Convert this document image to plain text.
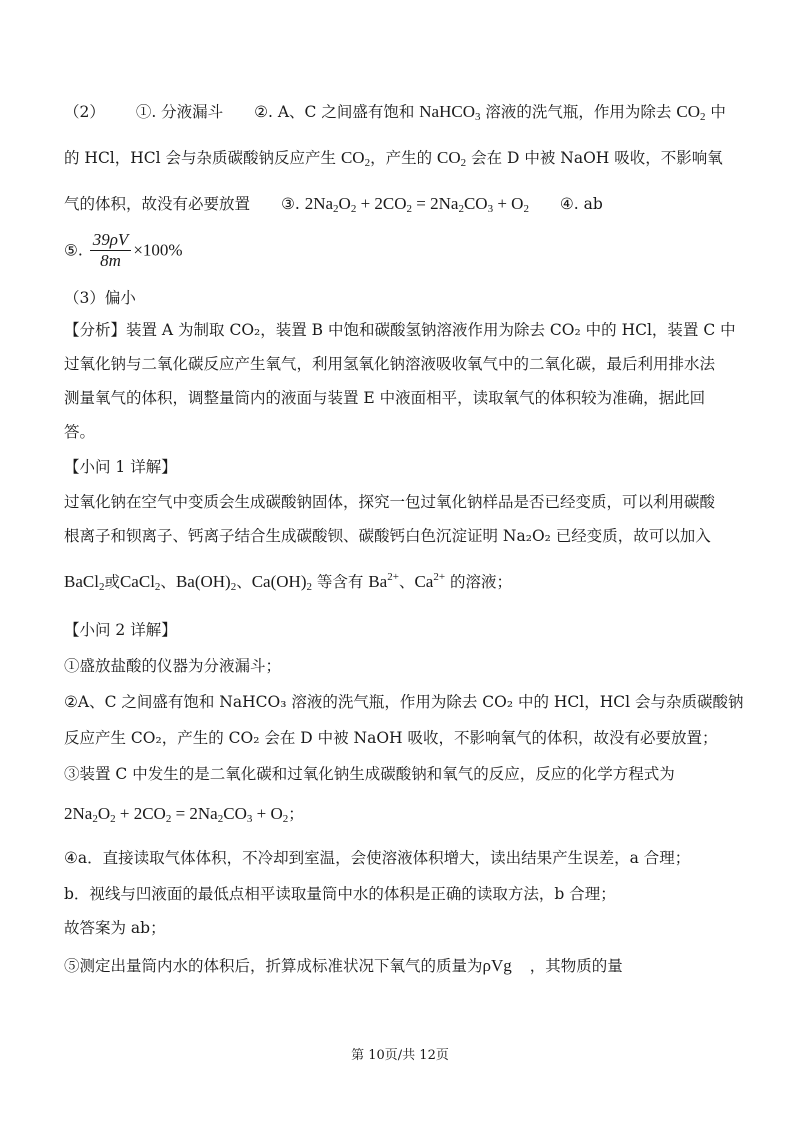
（2） ①. 分液漏斗 ②. A、C 之间盛有饱和 NaHCO$_3$ 溶液的洗气瓶，作用为除去 $CO_2$ 中
的 HCl，HCl 会与杂质碳酸钠反应产生 $CO_2$，产生的 $CO_2$ 会在 D 中被 NaOH 吸收，不影响氧
气的体积，故没有必要放置 ③. $2Na_2O_2 + 2CO_2 = 2Na_2CO_3 + O_2$ ④. ab
⑤. $\frac{39\rho V}{8m} \times 100\%$
（3）偏小
【分析】装置 A 为制取 CO₂，装置 B 中饱和碳酸氢钠溶液作用为除去 CO₂ 中的 HCl，装置 C 中
过氧化钠与二氧化碳反应产生氧气，利用氢氧化钠溶液吸收氧气中的二氧化碳，最后利用排水法
测量氧气的体积，调整量筒内的液面与装置 E 中液面相平，读取氧气的体积较为准确，据此回
答。
【小问 1 详解】
过氧化钠在空气中变质会生成碳酸钠固体，探究一包过氧化钠样品是否已经变质，可以利用碳酸
根离子和钡离子、钙离子结合生成碳酸钡、碳酸钙白色沉淀证明 Na₂O₂ 已经变质，故可以加入
BaCl$_2$或CaCl$_2$、$Ba(OH)_2$、$Ca(OH)_2$ 等含有 $Ba^{2+}$、$Ca^{2+}$ 的溶液；
【小问 2 详解】
①盛放盐酸的仪器为分液漏斗；
②A、C 之间盛有饱和 NaHCO₃ 溶液的洗气瓶，作用为除去 CO₂ 中的 HCl，HCl 会与杂质碳酸钠
反应产生 CO₂，产生的 CO₂ 会在 D 中被 NaOH 吸收，不影响氧气的体积，故没有必要放置；
③装置 C 中发生的是二氧化碳和过氧化钠生成碳酸钠和氧气的反应，反应的化学方程式为
$2Na_2O_2 + 2CO_2 = 2Na_2CO_3 + O_2$；
④a．直接读取气体体积，不冷却到室温，会使溶液体积增大，读出结果产生误差，a 合理；
b．视线与凹液面的最低点相平读取量筒中水的体积是正确的读取方法，b 合理；
故答案为 ab；
⑤测定出量筒内水的体积后，折算成标准状况下氧气的质量为ρVg ，其物质的量
第 10页/共 12页
